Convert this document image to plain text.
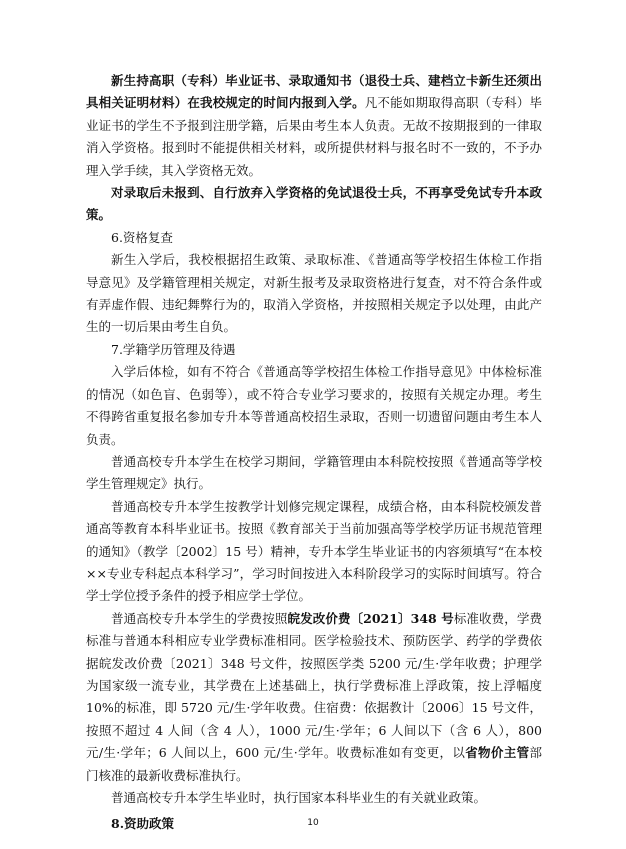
新生持高职（专科）毕业证书、录取通知书（退役士兵、建档立卡新生还须出具相关证明材料）在我校规定的时间内报到入学。凡不能如期取得高职（专科）毕业证书的学生不予报到注册学籍，后果由考生本人负责。无故不按期报到的一律取消入学资格。报到时不能提供相关材料，或所提供材料与报名时不一致的，不予办理入学手续，其入学资格无效。

对录取后未报到、自行放弃入学资格的免试退役士兵，不再享受免试专升本政策。

6.资格复查

新生入学后，我校根据招生政策、录取标准、《普通高等学校招生体检工作指导意见》及学籍管理相关规定，对新生报考及录取资格进行复查，对不符合条件或有弄虚作假、违纪舞弊行为的，取消入学资格，并按照相关规定予以处理，由此产生的一切后果由考生自负。

7.学籍学历管理及待遇

入学后体检，如有不符合《普通高等学校招生体检工作指导意见》中体检标准的情况（如色盲、色弱等），或不符合专业学习要求的，按照有关规定办理。考生不得跨省重复报名参加专升本等普通高校招生录取，否则一切遗留问题由考生本人负责。

普通高校专升本学生在校学习期间，学籍管理由本科院校按照《普通高等学校学生管理规定》执行。

普通高校专升本学生按教学计划修完规定课程，成绩合格，由本科院校颁发普通高等教育本科毕业证书。按照《教育部关于当前加强高等学校学历证书规范管理的通知》（教学〔2002〕15 号）精神，专升本学生毕业证书的内容须填写“在本校××专业专科起点本科学习”，学习时间按进入本科阶段学习的实际时间填写。符合学士学位授予条件的授予相应学士学位。

普通高校专升本学生的学费按照皖发改价费〔2021〕348 号标准收费，学费标准与普通本科相应专业学费标准相同。医学检验技术、预防医学、药学的学费依据皖发改价费〔2021〕348 号文件，按照医学类 5200 元/生·学年收费；护理学为国家级一流专业，其学费在上述基础上，执行学费标准上浮政策，按上浮幅度 10%的标准，即 5720 元/生·学年收费。住宿费：依据教计〔2006〕15 号文件，按照不超过 4 人间（含 4 人），1000 元/生·学年；6 人间以下（含 6 人），800 元/生·学年；6 人间以上，600 元/生·学年。收费标准如有变更，以省物价主管部门核准的最新收费标准执行。

普通高校专升本学生毕业时，执行国家本科毕业生的有关就业政策。

8.资助政策	10
